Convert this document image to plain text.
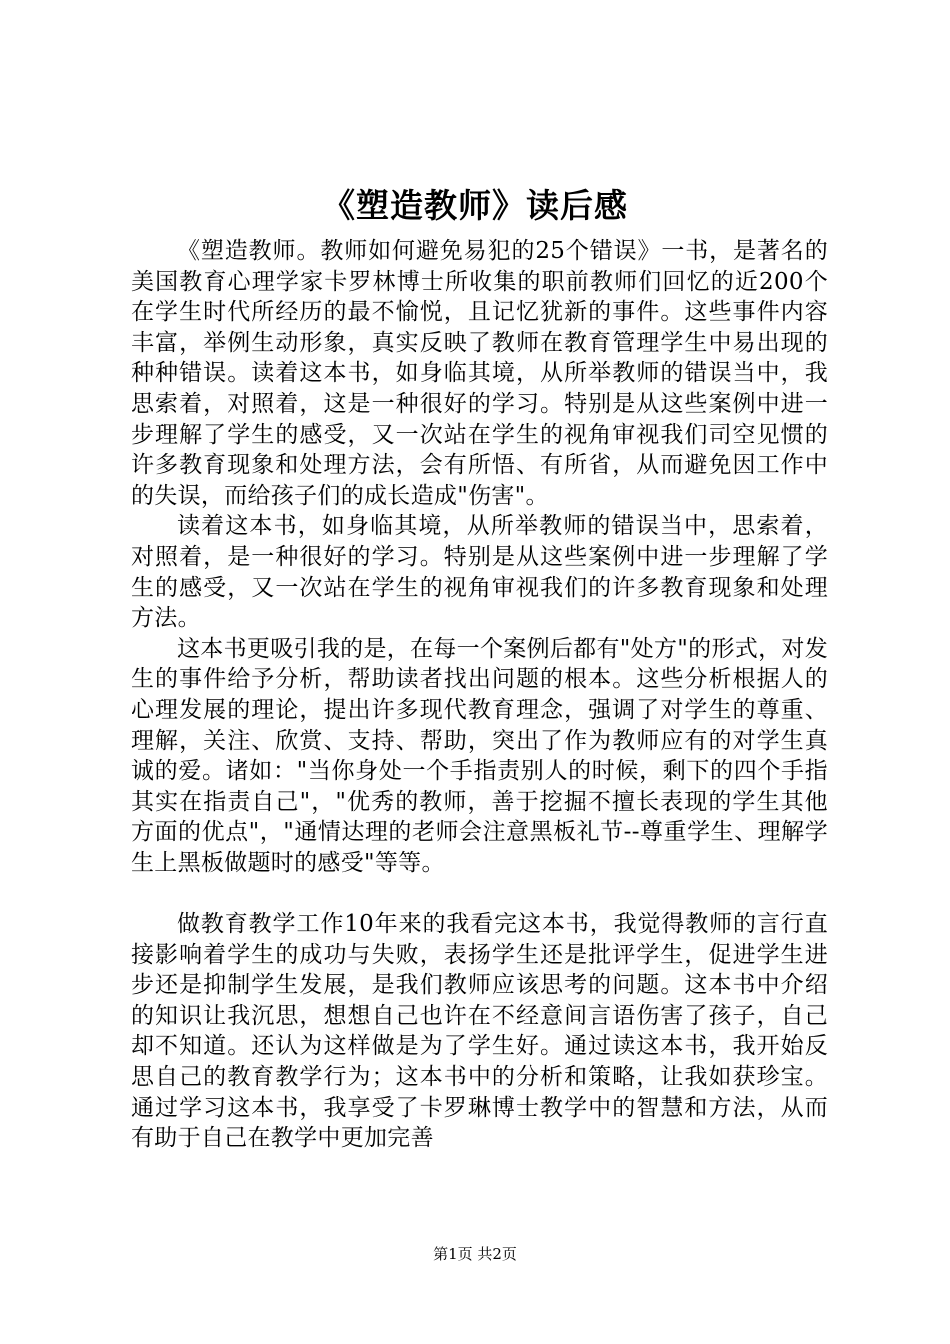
《塑造教师》读后感

《塑造教师。教师如何避免易犯的25个错误》一书，是著名的美国教育心理学家卡罗林博士所收集的职前教师们回忆的近200个在学生时代所经历的最不愉悦，且记忆犹新的事件。这些事件内容丰富，举例生动形象，真实反映了教师在教育管理学生中易出现的种种错误。读着这本书，如身临其境，从所举教师的错误当中，我思索着，对照着，这是一种很好的学习。特别是从这些案例中进一步理解了学生的感受，又一次站在学生的视角审视我们司空见惯的许多教育现象和处理方法，会有所悟、有所省，从而避免因工作中的失误，而给孩子们的成长造成"伤害"。

读着这本书，如身临其境，从所举教师的错误当中，思索着，对照着，是一种很好的学习。特别是从这些案例中进一步理解了学生的感受，又一次站在学生的视角审视我们的许多教育现象和处理方法。

这本书更吸引我的是，在每一个案例后都有"处方"的形式，对发生的事件给予分析，帮助读者找出问题的根本。这些分析根据人的心理发展的理论，提出许多现代教育理念，强调了对学生的尊重、理解，关注、欣赏、支持、帮助，突出了作为教师应有的对学生真诚的爱。诸如："当你身处一个手指责别人的时候，剩下的四个手指其实在指责自己"，"优秀的教师，善于挖掘不擅长表现的学生其他方面的优点"，"通情达理的老师会注意黑板礼节--尊重学生、理解学生上黑板做题时的感受"等等。

做教育教学工作10年来的我看完这本书，我觉得教师的言行直接影响着学生的成功与失败，表扬学生还是批评学生，促进学生进步还是抑制学生发展，是我们教师应该思考的问题。这本书中介绍的知识让我沉思，想想自己也许在不经意间言语伤害了孩子，自己却不知道。还认为这样做是为了学生好。通过读这本书，我开始反思自己的教育教学行为；这本书中的分析和策略，让我如获珍宝。通过学习这本书，我享受了卡罗琳博士教学中的智慧和方法，从而有助于自己在教学中更加完善

第1页 共2页
